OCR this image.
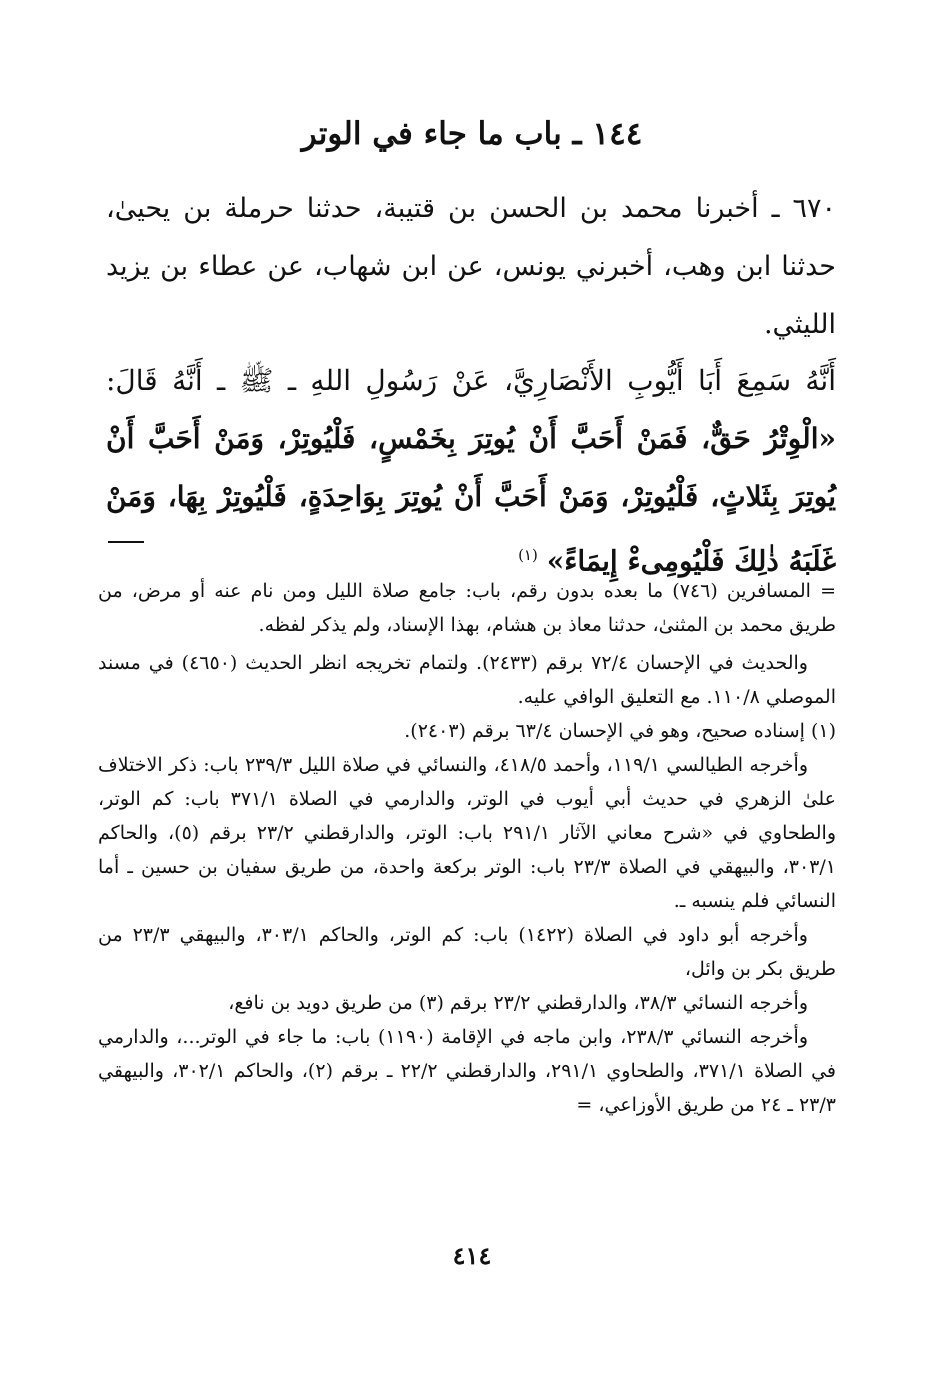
١٤٤ ـ باب ما جاء في الوتر

٦٧٠ ـ أخبرنا محمد بن الحسن بن قتيبة، حدثنا حرملة بن يحيىٰ، حدثنا ابن وهب، أخبرني يونس، عن ابن شهاب، عن عطاء بن يزيد الليثي.

أَنَّهُ سَمِعَ أَبَا أَيُّوبِ الأَنْصَارِيَّ، عَنْ رَسُولِ اللهِ ـ ﷺ ـ أَنَّهُ قَالَ: «الْوِتْرُ حَقٌّ، فَمَنْ أَحَبَّ أَنْ يُوتِرَ بِخَمْسٍ، فَلْيُوتِرْ، وَمَنْ أَحَبَّ أَنْ يُوتِرَ بِثَلاثٍ، فَلْيُوتِرْ، وَمَنْ أَحَبَّ أَنْ يُوتِرَ بِوَاحِدَةٍ، فَلْيُوتِرْ بِهَا، وَمَنْ غَلَبَهُ ذٰلِكَ فَلْيُومِىءْ إِيمَاءً» $^{(١)}$

= المسافرين (٧٤٦) ما بعده بدون رقم، باب: جامع صلاة الليل ومن نام عنه أو مرض، من طريق محمد بن المثنىٰ، حدثنا معاذ بن هشام، بهذا الإسناد، ولم يذكر لفظه.

والحديث في الإحسان ٧٢/٤ برقم (٢٤٣٣). ولتمام تخريجه انظر الحديث (٤٦٥٠) في مسند الموصلي ١١٠/٨. مع التعليق الوافي عليه.

(١) إسناده صحيح، وهو في الإحسان ٦٣/٤ برقم (٢٤٠٣).

وأخرجه الطيالسي ١١٩/١، وأحمد ٤١٨/٥، والنسائي في صلاة الليل ٢٣٩/٣ باب: ذكر الاختلاف علىٰ الزهري في حديث أبي أيوب في الوتر، والدارمي في الصلاة ٣٧١/١ باب: كم الوتر، والطحاوي في «شرح معاني الآثار ٢٩١/١ باب: الوتر، والدارقطني ٢٣/٢ برقم (٥)، والحاكم ٣٠٣/١، والبيهقي في الصلاة ٢٣/٣ باب: الوتر بركعة واحدة، من طريق سفيان بن حسين ـ أما النسائي فلم ينسبه ـ.

وأخرجه أبو داود في الصلاة (١٤٢٢) باب: كم الوتر، والحاكم ٣٠٣/١، والبيهقي ٢٣/٣ من طريق بكر بن وائل،

وأخرجه النسائي ٣٨/٣، والدارقطني ٢٣/٢ برقم (٣) من طريق دويد بن نافع،

وأخرجه النسائي ٢٣٨/٣، وابن ماجه في الإقامة (١١٩٠) باب: ما جاء في الوتر...، والدارمي في الصلاة ٣٧١/١، والطحاوي ٢٩١/١، والدارقطني ٢٢/٢ ـ برقم (٢)، والحاكم ٣٠٢/١، والبيهقي ٢٣/٣ ـ ٢٤ من طريق الأوزاعي، =

٤١٤
